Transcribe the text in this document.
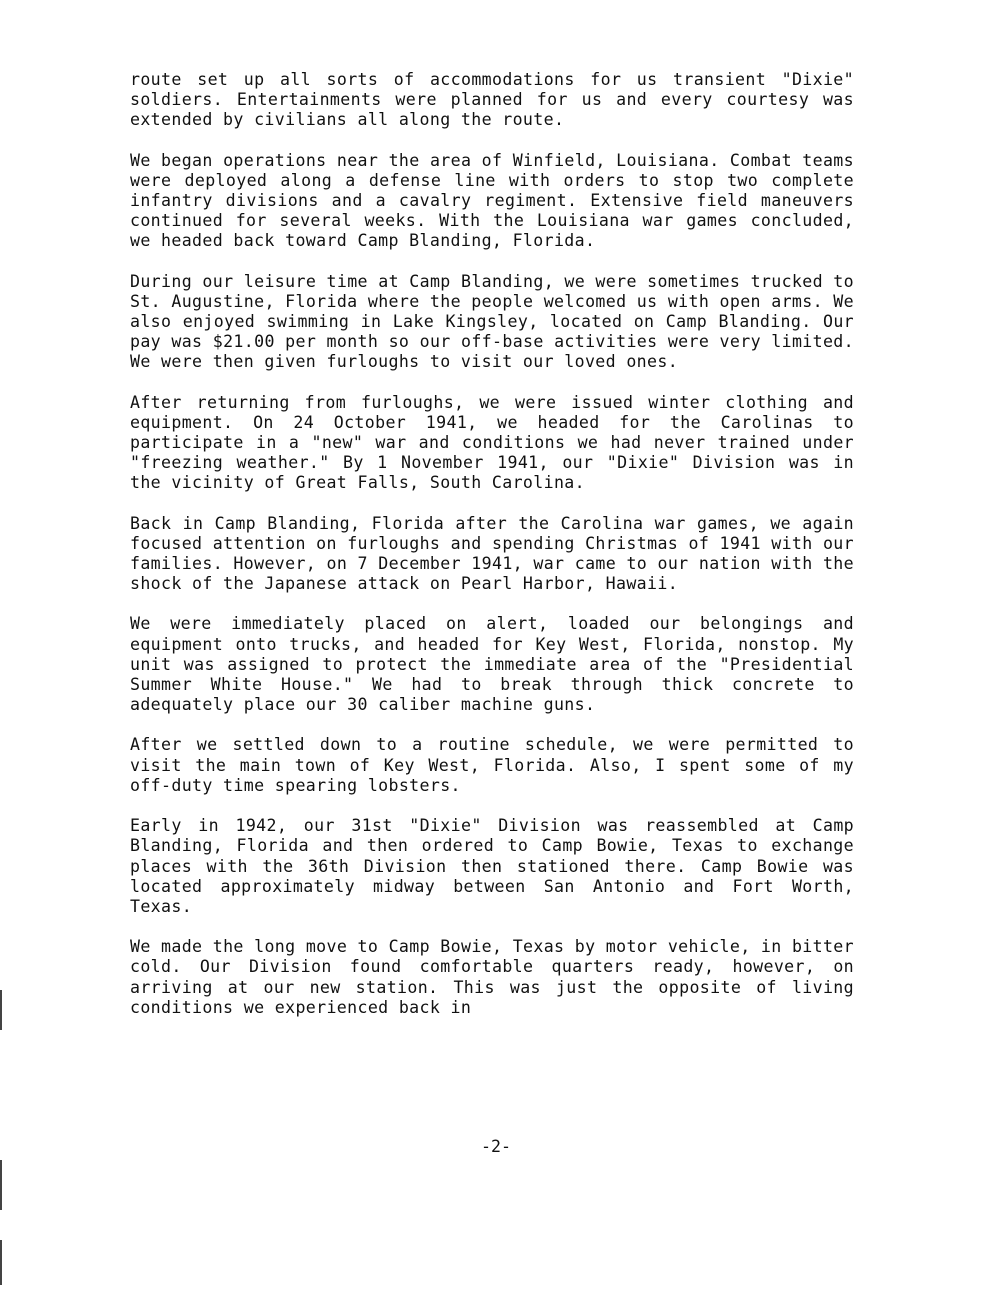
route set up all sorts of accommodations for us transient "Dixie" soldiers. Entertainments were planned for us and every courtesy was extended by civilians all along the route.

We began operations near the area of Winfield, Louisiana. Combat teams were deployed along a defense line with orders to stop two complete infantry divisions and a cavalry regiment. Extensive field maneuvers continued for several weeks. With the Louisiana war games concluded, we headed back toward Camp Blanding, Florida.

During our leisure time at Camp Blanding, we were sometimes trucked to St. Augustine, Florida where the people welcomed us with open arms. We also enjoyed swimming in Lake Kingsley, located on Camp Blanding. Our pay was $21.00 per month so our off-base activities were very limited. We were then given furloughs to visit our loved ones.

After returning from furloughs, we were issued winter clothing and equipment. On 24 October 1941, we headed for the Carolinas to participate in a "new" war and conditions we had never trained under "freezing weather." By 1 November 1941, our "Dixie" Division was in the vicinity of Great Falls, South Carolina.

Back in Camp Blanding, Florida after the Carolina war games, we again focused attention on furloughs and spending Christmas of 1941 with our families. However, on 7 December 1941, war came to our nation with the shock of the Japanese attack on Pearl Harbor, Hawaii.

We were immediately placed on alert, loaded our belongings and equipment onto trucks, and headed for Key West, Florida, nonstop. My unit was assigned to protect the immediate area of the "Presidential Summer White House." We had to break through thick concrete to adequately place our 30 caliber machine guns.

After we settled down to a routine schedule, we were permitted to visit the main town of Key West, Florida. Also, I spent some of my off-duty time spearing lobsters.

Early in 1942, our 31st "Dixie" Division was reassembled at Camp Blanding, Florida and then ordered to Camp Bowie, Texas to exchange places with the 36th Division then stationed there. Camp Bowie was located approximately midway between San Antonio and Fort Worth, Texas.

We made the long move to Camp Bowie, Texas by motor vehicle, in bitter cold. Our Division found comfortable quarters ready, however, on arriving at our new station. This was just the opposite of living conditions we experienced back in

-2-
